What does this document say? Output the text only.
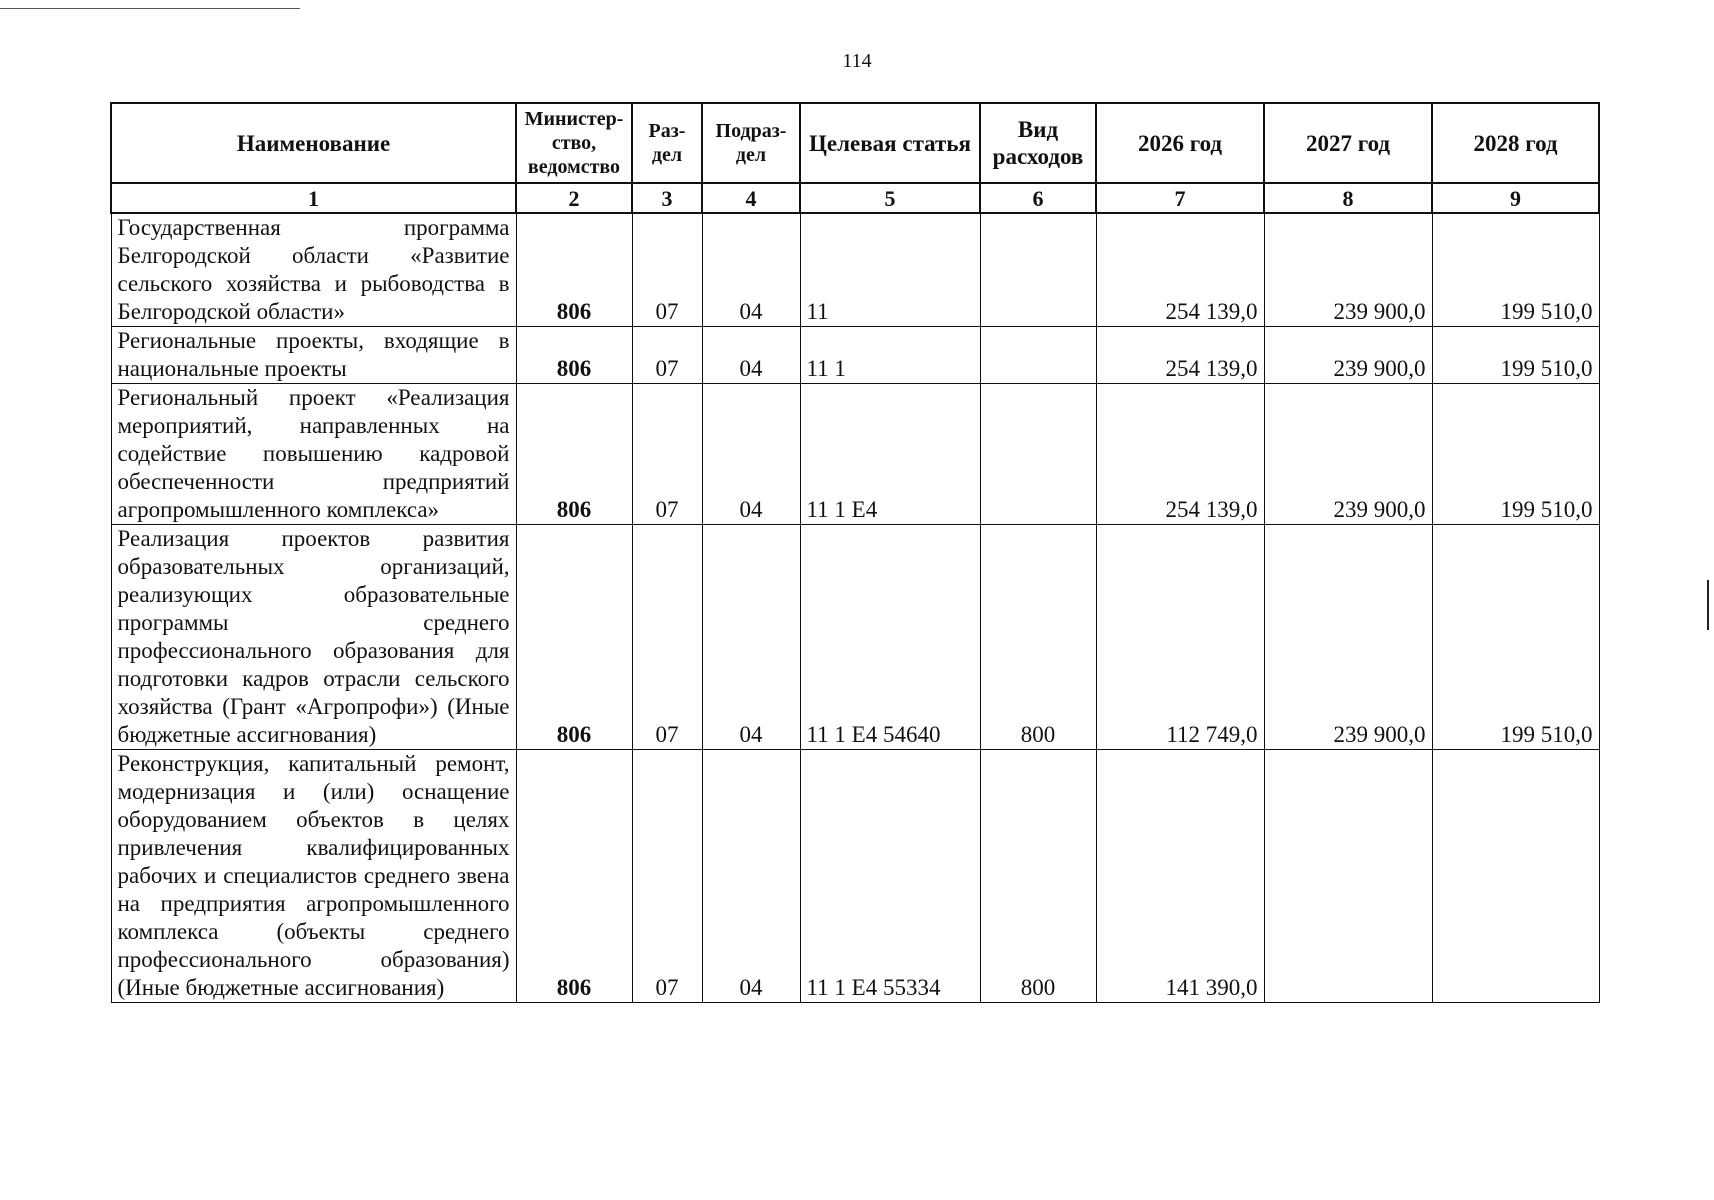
114
Наименование	Министер-ство, ведомство	Раз-дел	Подраз-дел	Целевая статья	Вид расходов	2026 год	2027 год	2028 год
1	2	3	4	5	6	7	8	9
Государственная программа Белгородской области «Развитие сельского хозяйства и рыбоводства в Белгородской области»	806	07	04	11		254 139,0	239 900,0	199 510,0
Региональные проекты, входящие в национальные проекты	806	07	04	11 1		254 139,0	239 900,0	199 510,0
Региональный проект «Реализация мероприятий, направленных на содействие повышению кадровой обеспеченности предприятий агропромышленного комплекса»	806	07	04	11 1 Е4		254 139,0	239 900,0	199 510,0
Реализация проектов развития образовательных организаций, реализующих образовательные программы среднего профессионального образования для подготовки кадров отрасли сельского хозяйства (Грант «Агропрофи») (Иные бюджетные ассигнования)	806	07	04	11 1 Е4 54640	800	112 749,0	239 900,0	199 510,0
Реконструкция, капитальный ремонт, модернизация и (или) оснащение оборудованием объектов в целях привлечения квалифицированных рабочих и специалистов среднего звена на предприятия агропромышленного комплекса (объекты среднего профессионального образования) (Иные бюджетные ассигнования)	806	07	04	11 1 Е4 55334	800	141 390,0		
